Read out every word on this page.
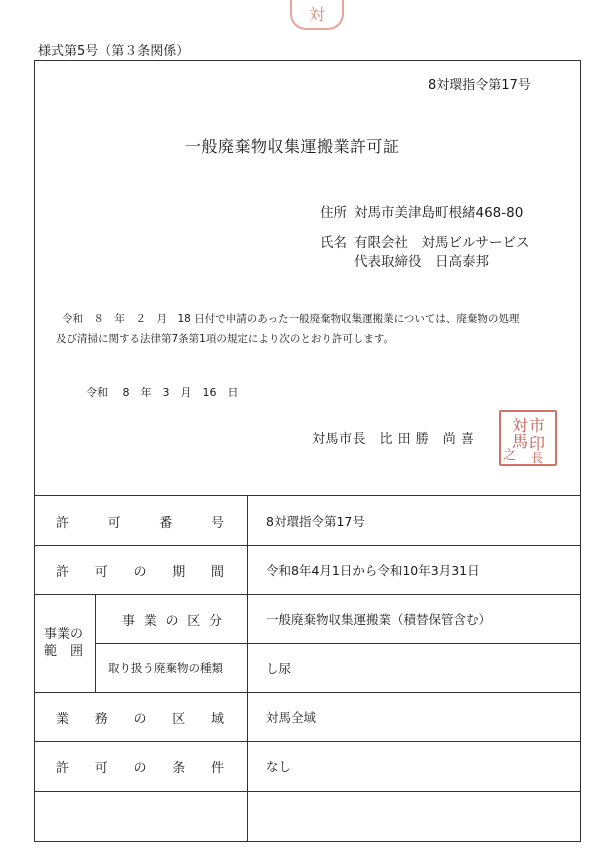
対
様式第5号（第３条関係）
8対環指令第17号
一般廃棄物収集運搬業許可証
住所 対馬市美津島町根緒468-80
氏名 有限会社　対馬ビルサービス
代表取締役　日高泰邦
令和　８　年　２　月　18 日付で申請のあった一般廃棄物収集運搬業については、廃棄物の処理
及び清掃に関する法律第7条第1項の規定により次のとおり許可します。
令和　 8　年　3　月　16　日
対馬市長　比 田 勝　尚 喜
市
印
対
馬
之 長
許	可	番	号	8対環指令第17号
許 可 の 期 間	令和8年4月1日から令和10年3月31日
事業の
範　囲
事 業 の 区 分	一般廃棄物収集運搬業（積替保管含む）
取り扱う廃棄物の種類	し尿
業 務 の 区 域	対馬全域
許 可 の 条 件	なし
